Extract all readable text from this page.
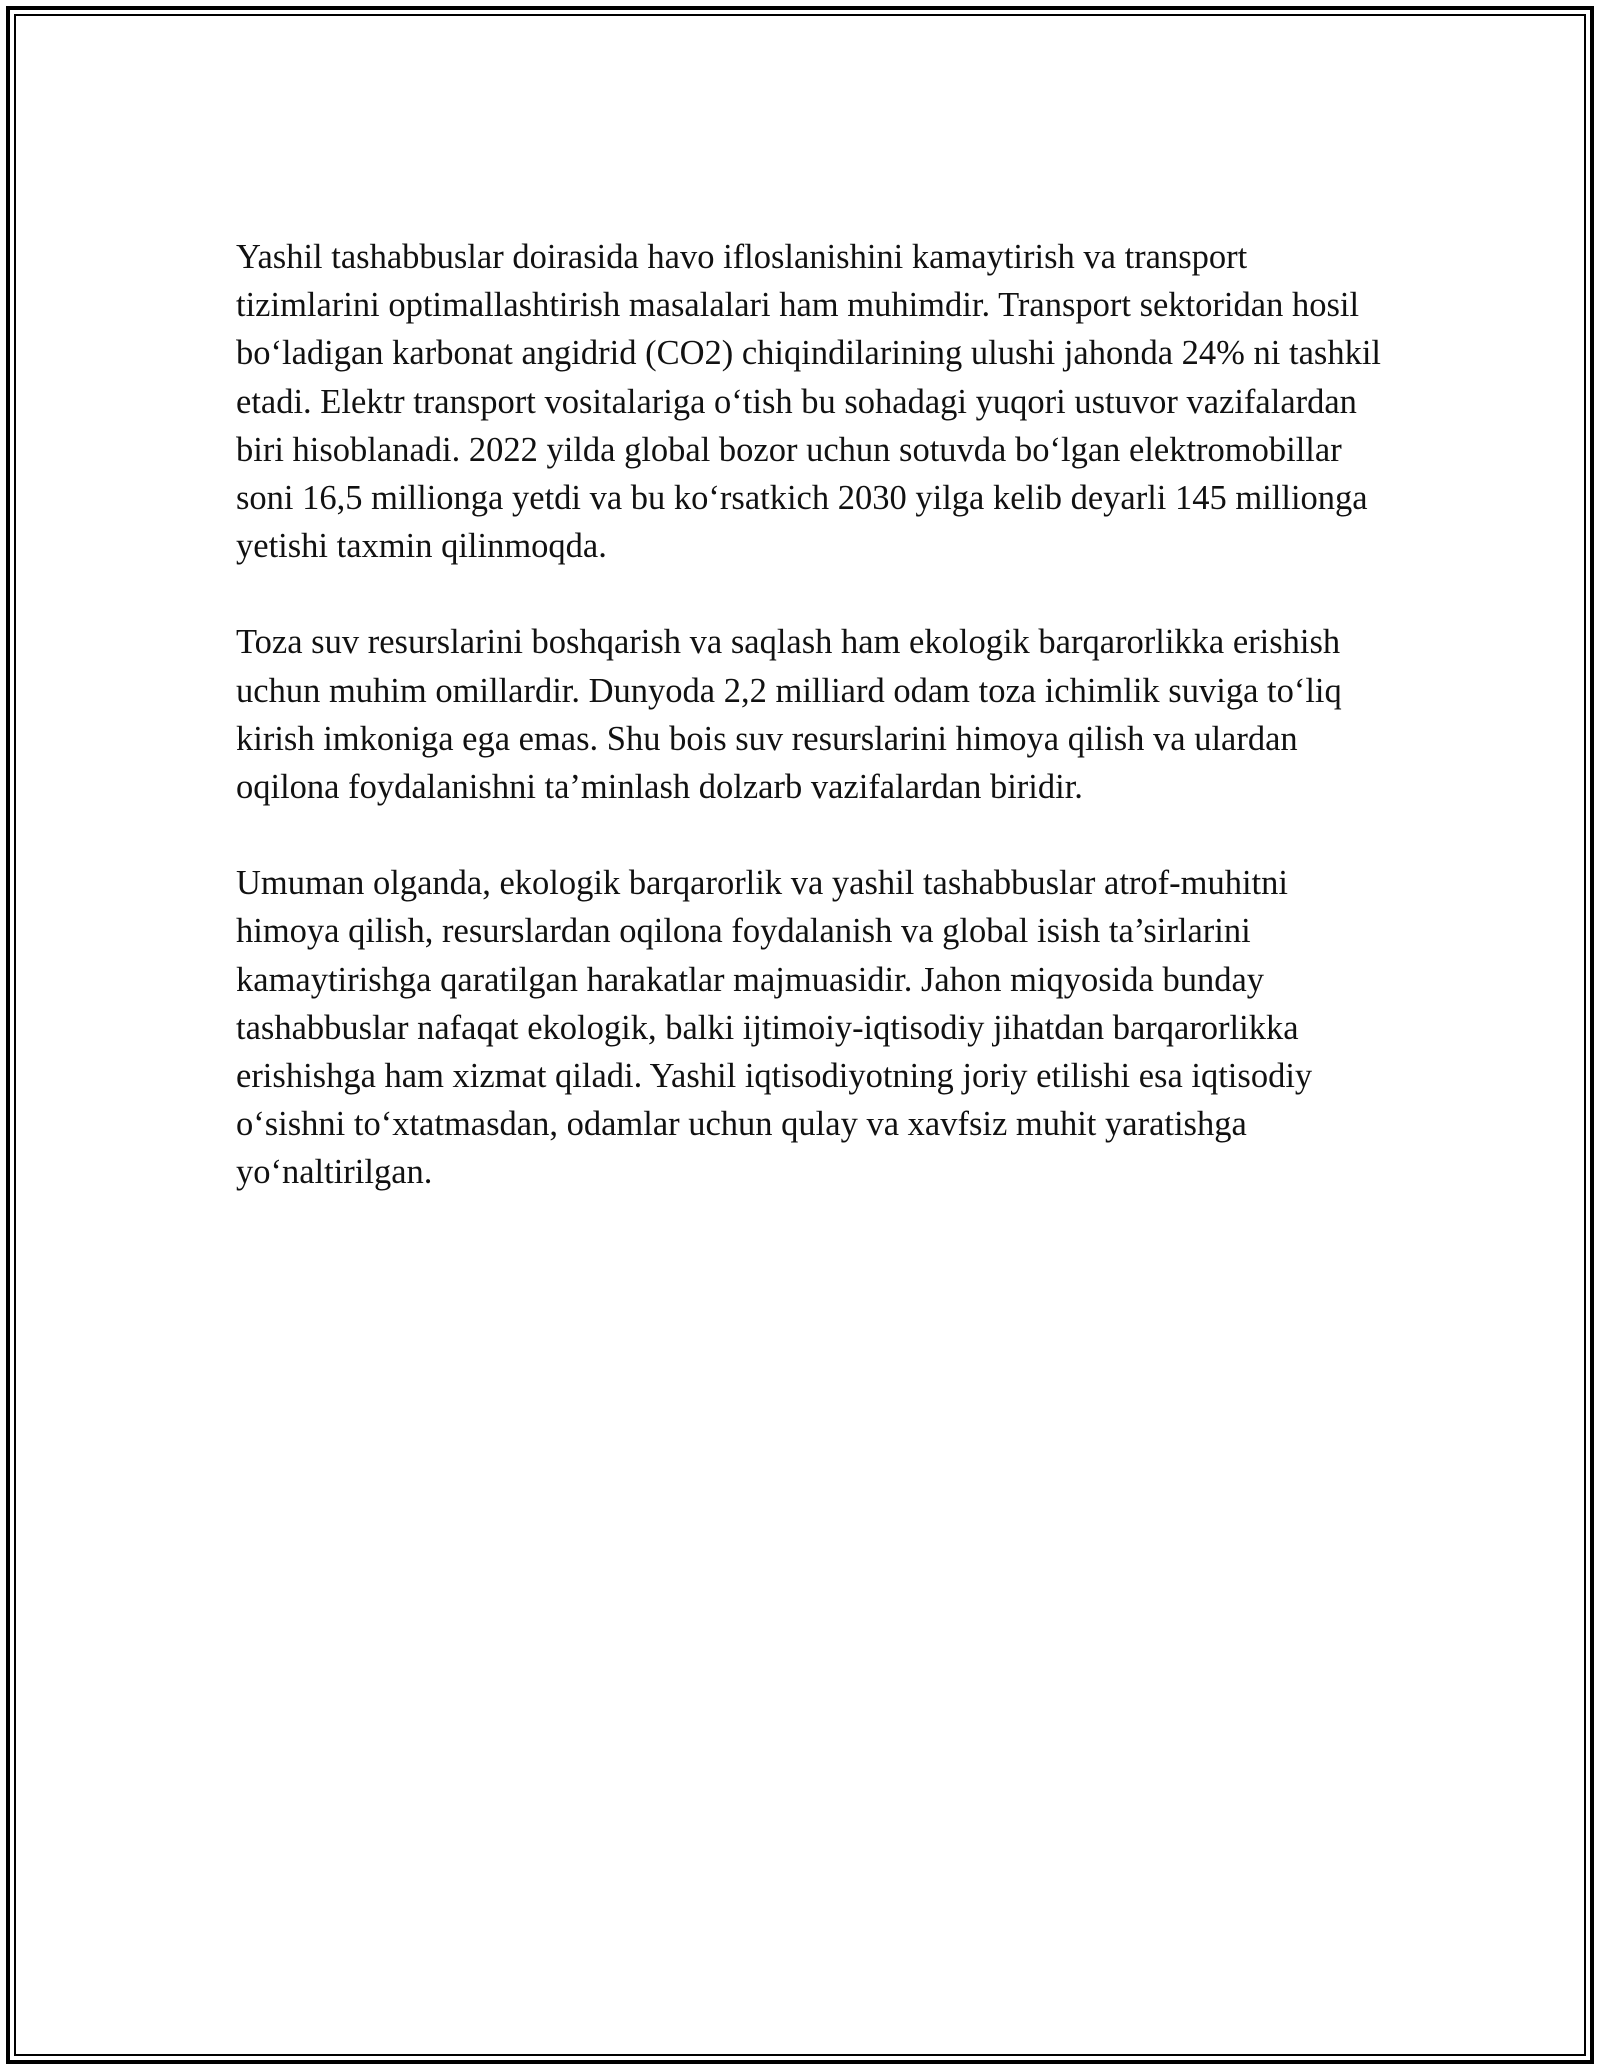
Yashil tashabbuslar doirasida havo ifloslanishini kamaytirish va transport tizimlarini optimallashtirish masalalari ham muhimdir. Transport sektoridan hosil bo‘ladigan karbonat angidrid (CO2) chiqindilarining ulushi jahonda 24% ni tashkil etadi. Elektr transport vositalariga o‘tish bu sohadagi yuqori ustuvor vazifalardan biri hisoblanadi. 2022 yilda global bozor uchun sotuvda bo‘lgan elektromobillar soni 16,5 millionga yetdi va bu ko‘rsatkich 2030 yilga kelib deyarli 145 millionga yetishi taxmin qilinmoqda.

Toza suv resurslarini boshqarish va saqlash ham ekologik barqarorlikka erishish uchun muhim omillardir. Dunyoda 2,2 milliard odam toza ichimlik suviga to‘liq kirish imkoniga ega emas. Shu bois suv resurslarini himoya qilish va ulardan oqilona foydalanishni ta’minlash dolzarb vazifalardan biridir.

Umuman olganda, ekologik barqarorlik va yashil tashabbuslar atrof-muhitni himoya qilish, resurslardan oqilona foydalanish va global isish ta’sirlarini kamaytirishga qaratilgan harakatlar majmuasidir. Jahon miqyosida bunday tashabbuslar nafaqat ekologik, balki ijtimoiy-iqtisodiy jihatdan barqarorlikka erishishga ham xizmat qiladi. Yashil iqtisodiyotning joriy etilishi esa iqtisodiy o‘sishni to‘xtatmasdan, odamlar uchun qulay va xavfsiz muhit yaratishga yo‘naltirilgan.
